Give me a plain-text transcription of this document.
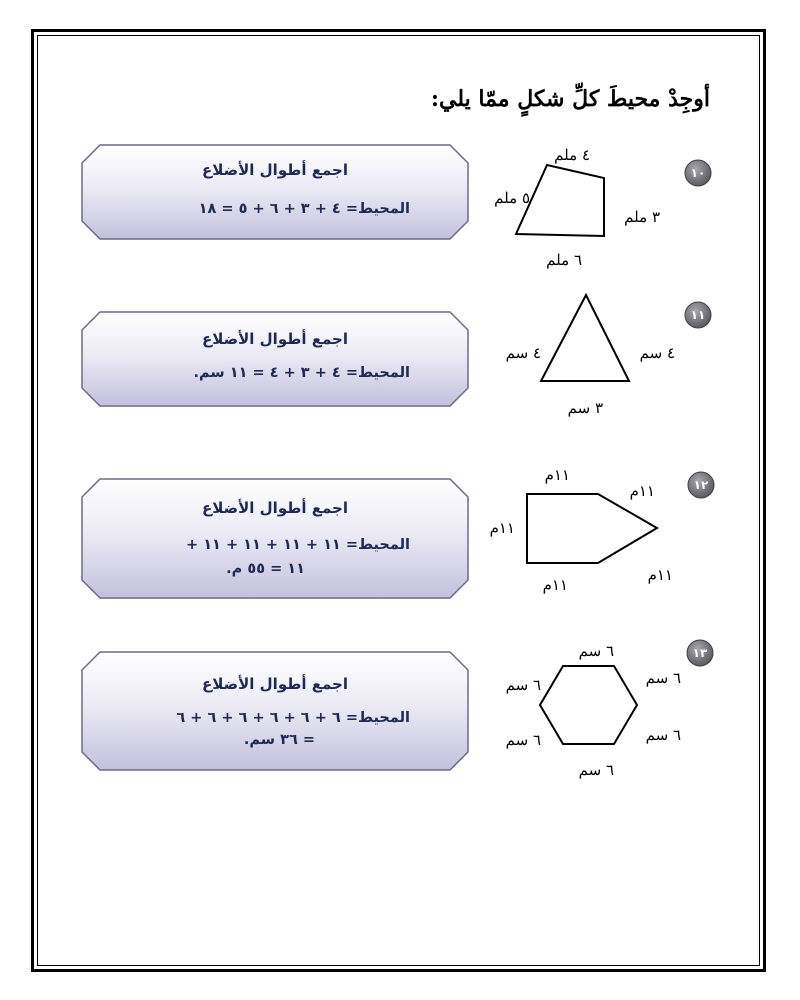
أوجِدْ محيطَ كلِّ شكلٍ ممّا يلي:
اجمع أطوال الأضلاع
المحيط= ٤ + ٣ + ٦ + ٥ = ١٨
١٠
٤ ملم
٥ ملم
٣ ملم
٦ ملم
اجمع أطوال الأضلاع
المحيط= ٤ + ٣ + ٤ = ١١ سم.
١١
٤ سم	٤ سم
٣ سم
اجمع أطوال الأضلاع
المحيط= ١١ + ١١ + ١١ + ١١ +
١١ = ٥٥ م.
١٢
١١م
١١م
١١م
١١م
١١م
اجمع أطوال الأضلاع
المحيط= ٦ + ٦ + ٦ + ٦ + ٦ + ٦
= ٣٦ سم.
١٣
٦ سم
٦ سم	٦ سم
٦ سم	٦ سم
٦ سم
